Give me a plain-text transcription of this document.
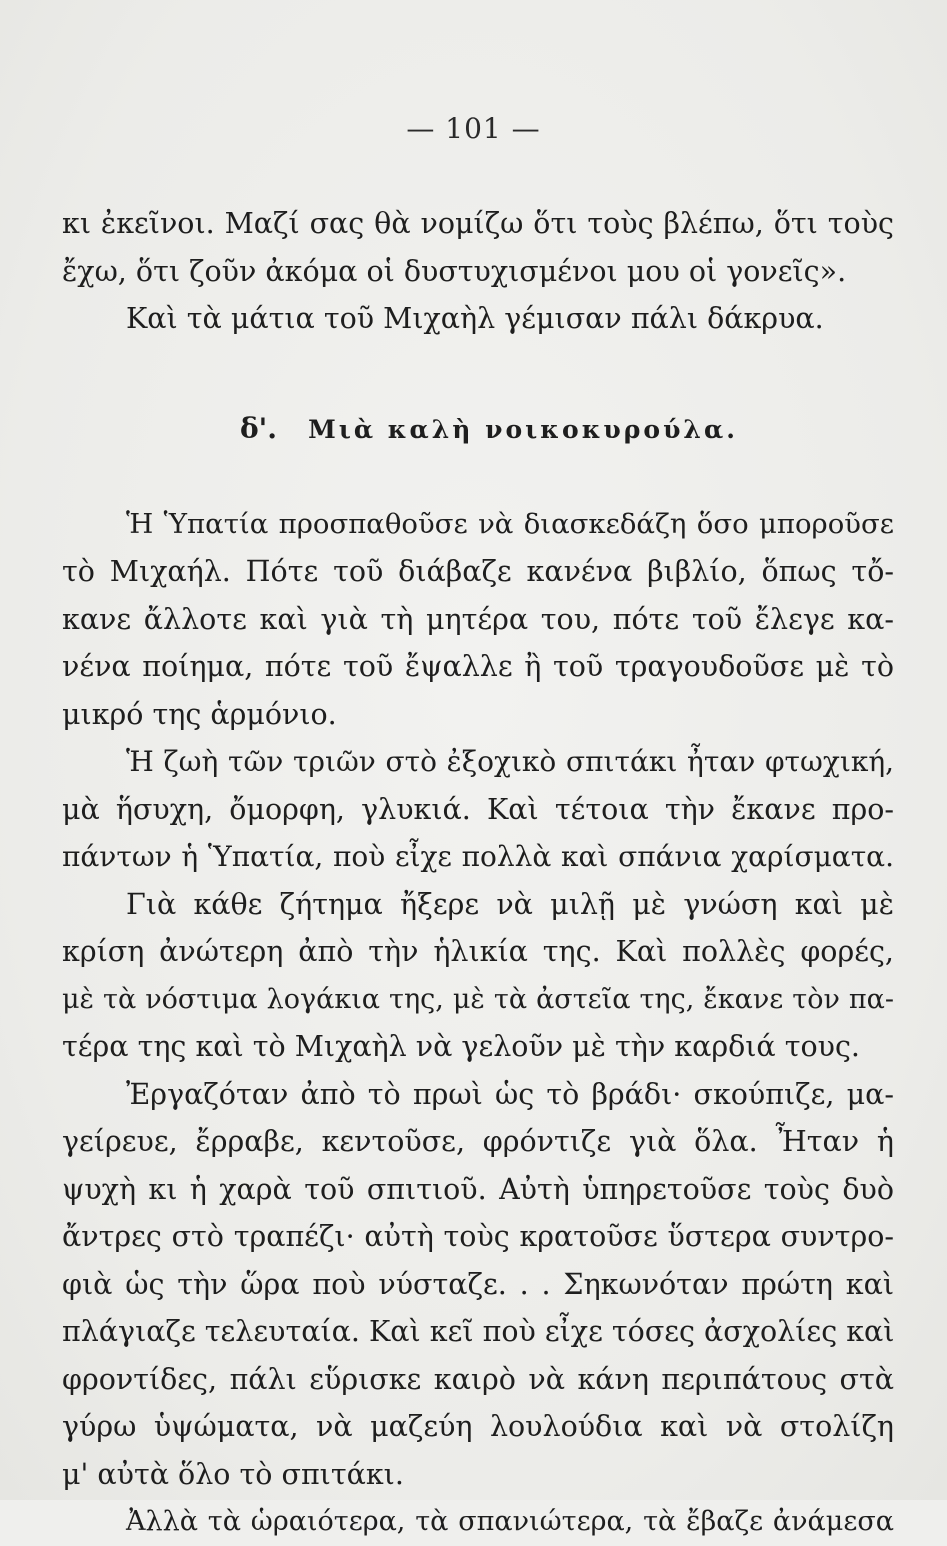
— 101 —
κι ἐκεῖνοι. Μαζί σας θὰ νομίζω ὅτι τοὺς βλέπω, ὅτι τοὺς
ἔχω, ὅτι ζοῦν ἀκόμα οἱ δυστυχισμένοι μου οἱ γονεῖς».
Καὶ τὰ μάτια τοῦ Μιχαὴλ γέμισαν πάλι δάκρυα.
δ'. Μιὰ καλὴ νοικοκυρούλα.
Ἡ Ὑπατία προσπαθοῦσε νὰ διασκεδάζη ὅσο μποροῦσε
τὸ Μιχαήλ. Πότε τοῦ διάβαζε κανένα βιβλίο, ὅπως τὄ-
κανε ἄλλοτε καὶ γιὰ τὴ μητέρα του, πότε τοῦ ἔλεγε κα-
νένα ποίημα, πότε τοῦ ἔψαλλε ἢ τοῦ τραγουδοῦσε μὲ τὸ
μικρό της ἁρμόνιο.
Ἡ ζωὴ τῶν τριῶν στὸ ἐξοχικὸ σπιτάκι ἦταν φτωχική,
μὰ ἥσυχη, ὄμορφη, γλυκιά. Καὶ τέτοια τὴν ἔκανε προ-
πάντων ἡ Ὑπατία, ποὺ εἶχε πολλὰ καὶ σπάνια χαρίσματα.
Γιὰ κάθε ζήτημα ἤξερε νὰ μιλῇ μὲ γνώση καὶ μὲ
κρίση ἀνώτερη ἀπὸ τὴν ἡλικία της. Καὶ πολλὲς φορές,
μὲ τὰ νόστιμα λογάκια της, μὲ τὰ ἀστεῖα της, ἔκανε τὸν πα-
τέρα της καὶ τὸ Μιχαὴλ νὰ γελοῦν μὲ τὴν καρδιά τους.
Ἐργαζόταν ἀπὸ τὸ πρωὶ ὡς τὸ βράδι· σκούπιζε, μα-
γείρευε, ἔρραβε, κεντοῦσε, φρόντιζε γιὰ ὅλα. Ἦταν ἡ
ψυχὴ κι ἡ χαρὰ τοῦ σπιτιοῦ. Αὐτὴ ὑπηρετοῦσε τοὺς δυὸ
ἄντρες στὸ τραπέζι· αὐτὴ τοὺς κρατοῦσε ὕστερα συντρο-
φιὰ ὡς τὴν ὥρα ποὺ νύσταζε. . . Σηκωνόταν πρώτη καὶ
πλάγιαζε τελευταία. Καὶ κεῖ ποὺ εἶχε τόσες ἀσχολίες καὶ
φροντίδες, πάλι εὕρισκε καιρὸ νὰ κάνη περιπάτους στὰ
γύρω ὑψώματα, νὰ μαζεύη λουλούδια καὶ νὰ στολίζη
μ' αὐτὰ ὅλο τὸ σπιτάκι.
Ἀλλὰ τὰ ὡραιότερα, τὰ σπανιώτερα, τὰ ἔβαζε ἀνάμεσα
